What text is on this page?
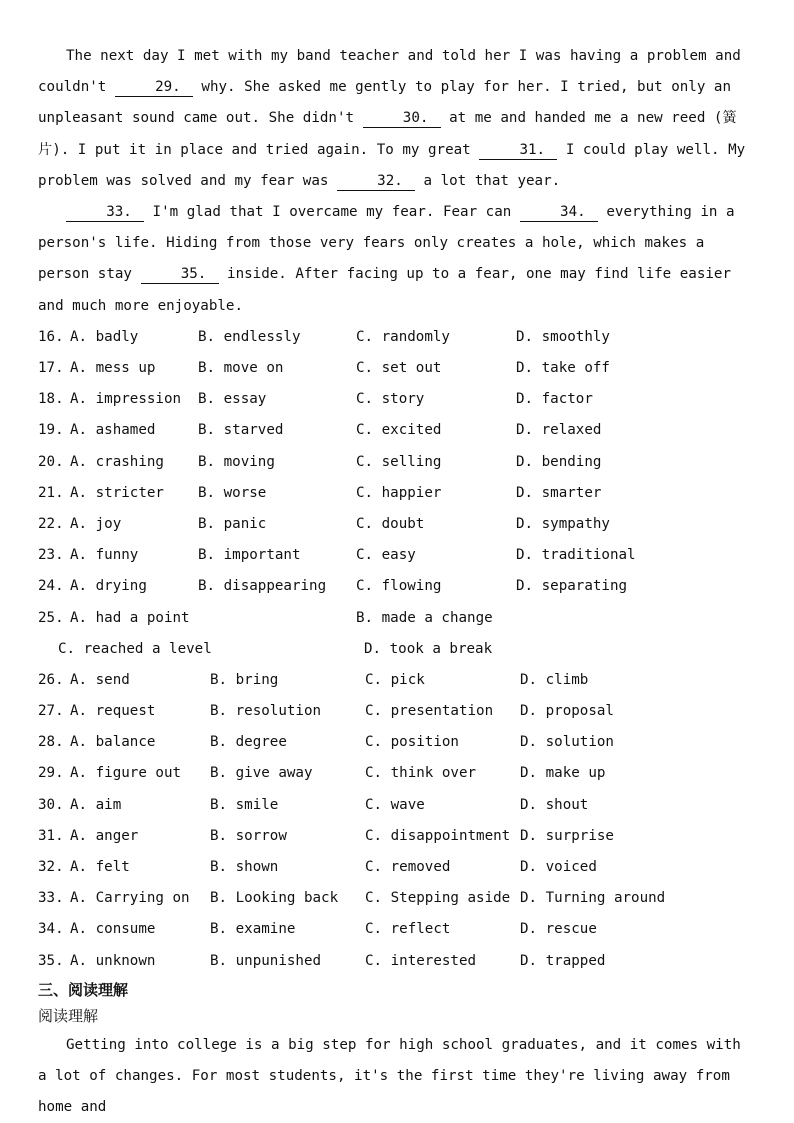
The next day I met with my band teacher and told her I was having a problem and couldn't	29. why. She asked me gently to play for her. I tried, but only an unpleasant sound came out. She didn't	30. at me and handed me a new reed (簧片). I put it in place and tried again. To my great	31. I could play well. My problem was solved and my fear was	32. a lot that year.

33. I'm glad that I overcame my fear. Fear can	34. everything in a person's life. Hiding from those very fears only creates a hole, which makes a person stay	35. inside. After facing up to a fear, one may find life easier and much more enjoyable.

16. A. badly	B. endlessly	C. randomly	D. smoothly
17. A. mess up	B. move on	C. set out	D. take off
18. A. impression B. essay	C. story	D. factor
19. A. ashamed	B. starved	C. excited	D. relaxed
20. A. crashing B. moving	C. selling	D. bending
21. A. stricter B. worse	C. happier	D. smarter
22. A. joy	B. panic	C. doubt	D. sympathy
23. A. funny	B. important	C. easy	D. traditional
24. A. drying	B. disappearing C. flowing	D. separating
25. A. had a point	B. made a change
C. reached a level	D. took a break
26. A. send	B. bring	C. pick	D. climb
27. A. request	B. resolution	C. presentation D. proposal
28. A. balance	B. degree	C. position	D. solution
29. A. figure out B. give away	C. think over	D. make up
30. A. aim	B. smile	C. wave	D. shout
31. A. anger	B. sorrow	C. disappointment D. surprise
32. A. felt	B. shown	C. removed	D. voiced
33. A. Carrying on B. Looking back C. Stepping aside D. Turning around
34. A. consume	B. examine	C. reflect	D. rescue
35. A. unknown	B. unpunished	C. interested	D. trapped

三、阅读理解

阅读理解

Getting into college is a big step for high school graduates, and it comes with a lot of changes. For most students, it's the first time they're living away from home and
